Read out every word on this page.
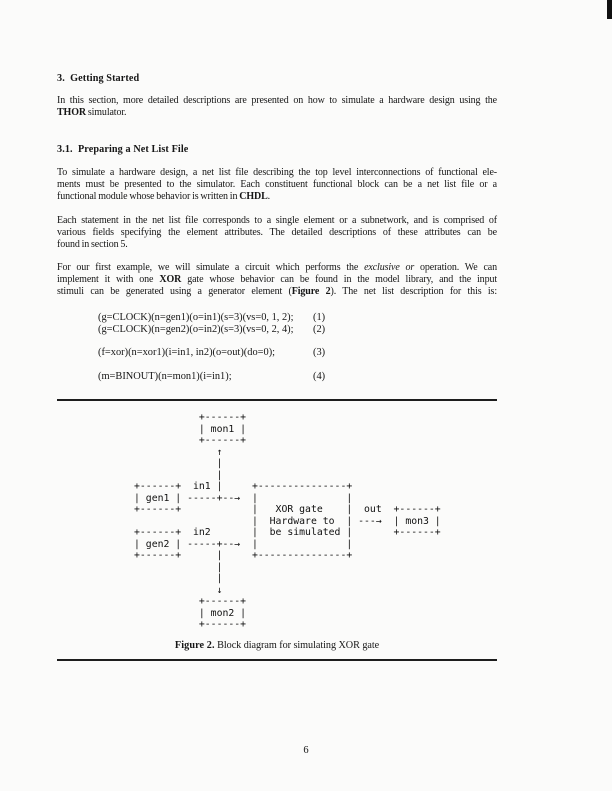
3.  Getting Started
In this section, more detailed descriptions are presented on how to simulate a hardware design using the
THOR simulator.
3.1.  Preparing a Net List File
To simulate a hardware design, a net list file describing the top level interconnections of functional ele-
ments must be presented to the simulator. Each constituent functional block can be a net list file or a
functional module whose behavior is written in CHDL.
Each statement in the net list file corresponds to a single element or a subnetwork, and is comprised of
various fields specifying the element attributes. The detailed descriptions of these attributes can be
found in section 5.
For our first example, we will simulate a circuit which performs the exclusive or operation. We can
implement it with one XOR gate whose behavior can be found in the model library, and the input
stimuli can be generated using a generator element (Figure 2). The net list description for this is:
(g=CLOCK)(n=gen1)(o=in1)(s=3)(vs=0, 1, 2); (1)
(g=CLOCK)(n=gen2)(o=in2)(s=3)(vs=0, 2, 4); (2)
(f=xor)(n=xor1)(i=in1, in2)(o=out)(do=0);	(3)
(m=BINOUT)(n=mon1)(i=in1);	(4)
+------+
| mon1 |
+------+
↑
|
|
+------+  in1 |     +---------------+
| gen1 | -----+--→  |               |
+------+            |   XOR gate    |  out  +------+
|  Hardware to  | ---→  | mon3 |
+------+  in2       |  be simulated |       +------+
| gen2 | -----+--→  |               |
+------+      |     +---------------+
|
|
↓
+------+
| mon2 |
+------+
Figure 2. Block diagram for simulating XOR gate
6
